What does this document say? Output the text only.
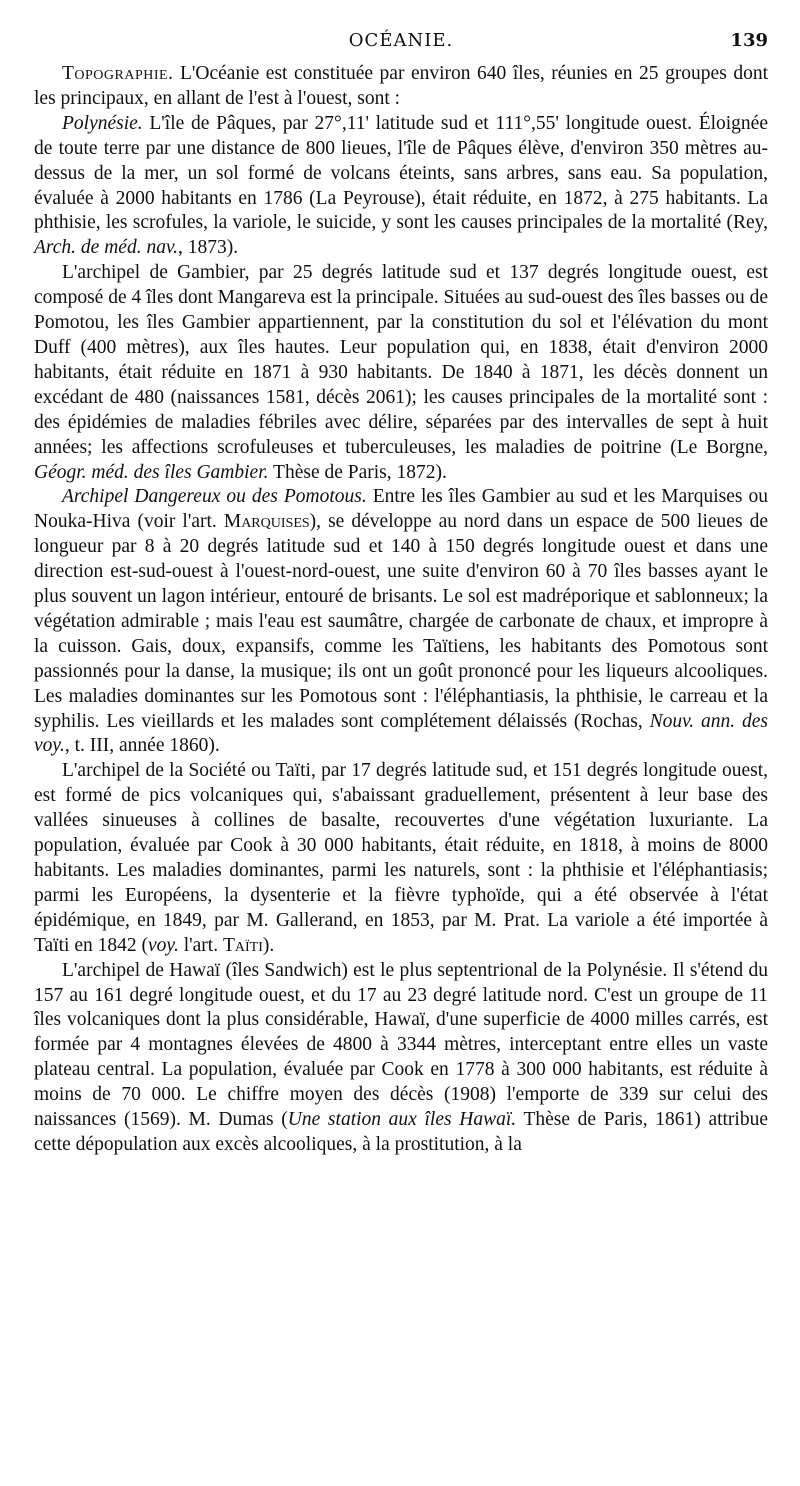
OCÉANIE.	139

Topographie. L'Océanie est constituée par environ 640 îles, réunies en 25 groupes dont les principaux, en allant de l'est à l'ouest, sont :

Polynésie. L'île de Pâques, par 27°,11' latitude sud et 111°,55' longitude ouest. Éloignée de toute terre par une distance de 800 lieues, l'île de Pâques élève, d'environ 350 mètres au-dessus de la mer, un sol formé de volcans éteints, sans arbres, sans eau. Sa population, évaluée à 2000 habitants en 1786 (La Peyrouse), était réduite, en 1872, à 275 habitants. La phthisie, les scrofules, la variole, le suicide, y sont les causes principales de la mortalité (Rey, Arch. de méd. nav., 1873).

L'archipel de Gambier, par 25 degrés latitude sud et 137 degrés longitude ouest, est composé de 4 îles dont Mangareva est la principale. Situées au sud-ouest des îles basses ou de Pomotou, les îles Gambier appartiennent, par la constitution du sol et l'élévation du mont Duff (400 mètres), aux îles hautes. Leur population qui, en 1838, était d'environ 2000 habitants, était réduite en 1871 à 930 habitants. De 1840 à 1871, les décès donnent un excédant de 480 (naissances 1581, décès 2061); les causes principales de la mortalité sont : des épidémies de maladies fébriles avec délire, séparées par des intervalles de sept à huit années; les affections scrofuleuses et tuberculeuses, les maladies de poitrine (Le Borgne, Géogr. méd. des îles Gambier. Thèse de Paris, 1872).

Archipel Dangereux ou des Pomotous. Entre les îles Gambier au sud et les Marquises ou Nouka-Hiva (voir l'art. Marquises), se développe au nord dans un espace de 500 lieues de longueur par 8 à 20 degrés latitude sud et 140 à 150 degrés longitude ouest et dans une direction est-sud-ouest à l'ouest-nord-ouest, une suite d'environ 60 à 70 îles basses ayant le plus souvent un lagon intérieur, entouré de brisants. Le sol est madréporique et sablonneux; la végétation admirable ; mais l'eau est saumâtre, chargée de carbonate de chaux, et impropre à la cuisson. Gais, doux, expansifs, comme les Taïtiens, les habitants des Pomotous sont passionnés pour la danse, la musique; ils ont un goût prononcé pour les liqueurs alcooliques. Les maladies dominantes sur les Pomotous sont : l'éléphantiasis, la phthisie, le carreau et la syphilis. Les vieillards et les malades sont complétement délaissés (Rochas, Nouv. ann. des voy., t. III, année 1860).

L'archipel de la Société ou Taïti, par 17 degrés latitude sud, et 151 degrés longitude ouest, est formé de pics volcaniques qui, s'abaissant graduellement, présentent à leur base des vallées sinueuses à collines de basalte, recouvertes d'une végétation luxuriante. La population, évaluée par Cook à 30 000 habitants, était réduite, en 1818, à moins de 8000 habitants. Les maladies dominantes, parmi les naturels, sont : la phthisie et l'éléphantiasis; parmi les Européens, la dysenterie et la fièvre typhoïde, qui a été observée à l'état épidémique, en 1849, par M. Gallerand, en 1853, par M. Prat. La variole a été importée à Taïti en 1842 (voy. l'art. Taïti).

L'archipel de Hawaï (îles Sandwich) est le plus septentrional de la Polynésie. Il s'étend du 157 au 161 degré longitude ouest, et du 17 au 23 degré latitude nord. C'est un groupe de 11 îles volcaniques dont la plus considérable, Hawaï, d'une superficie de 4000 milles carrés, est formée par 4 montagnes élevées de 4800 à 3344 mètres, interceptant entre elles un vaste plateau central. La population, évaluée par Cook en 1778 à 300 000 habitants, est réduite à moins de 70 000. Le chiffre moyen des décès (1908) l'emporte de 339 sur celui des naissances (1569). M. Dumas (Une station aux îles Hawaï. Thèse de Paris, 1861) attribue cette dépopulation aux excès alcooliques, à la prostitution, à la
